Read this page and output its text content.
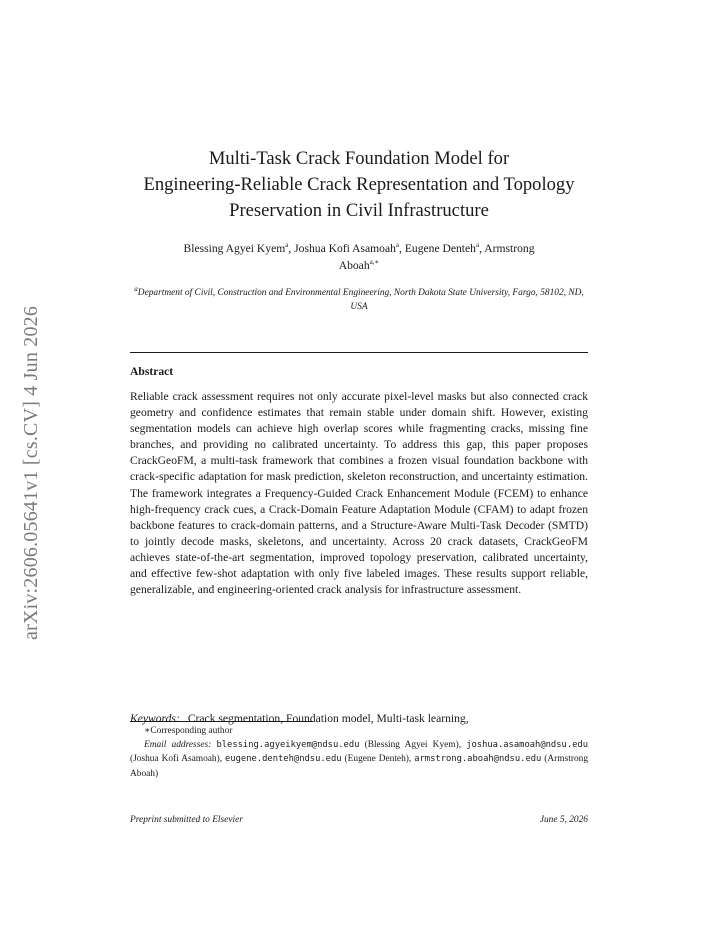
arXiv:2606.05641v1 [cs.CV] 4 Jun 2026
Multi-Task Crack Foundation Model for
Engineering-Reliable Crack Representation and Topology
Preservation in Civil Infrastructure
Blessing Agyei Kyem$^a$, Joshua Kofi Asamoah$^a$, Eugene Denteh$^a$, Armstrong
Aboah$^{a,∗}$
$^a$Department of Civil, Construction and Environmental Engineering, North Dakota State University, Fargo, 58102, ND, USA
Abstract

Reliable crack assessment requires not only accurate pixel-level masks but also connected crack geometry and confidence estimates that remain stable under domain shift. However, existing segmentation models can achieve high overlap scores while fragmenting cracks, missing fine branches, and providing no calibrated uncertainty. To address this gap, this paper proposes CrackGeoFM, a multi-task framework that combines a frozen visual foundation backbone with crack-specific adaptation for mask prediction, skeleton reconstruction, and uncertainty estimation. The framework integrates a Frequency-Guided Crack Enhancement Module (FCEM) to enhance high-frequency crack cues, a Crack-Domain Feature Adaptation Module (CFAM) to adapt frozen backbone features to crack-domain patterns, and a Structure-Aware Multi-Task Decoder (SMTD) to jointly decode masks, skeletons, and uncertainty. Across 20 crack datasets, CrackGeoFM achieves state-of-the-art segmentation, improved topology preservation, calibrated uncertainty, and effective few-shot adaptation with only five labeled images. These results support reliable, generalizable, and engineering-oriented crack analysis for infrastructure assessment.

Keywords: Crack segmentation, Foundation model, Multi-task learning,

∗Corresponding author

Email addresses: blessing.agyeikyem@ndsu.edu (Blessing Agyei Kyem), joshua.asamoah@ndsu.edu (Joshua Kofi Asamoah), eugene.denteh@ndsu.edu (Eugene Denteh), armstrong.aboah@ndsu.edu (Armstrong Aboah)

Preprint submitted to Elsevier	June 5, 2026
